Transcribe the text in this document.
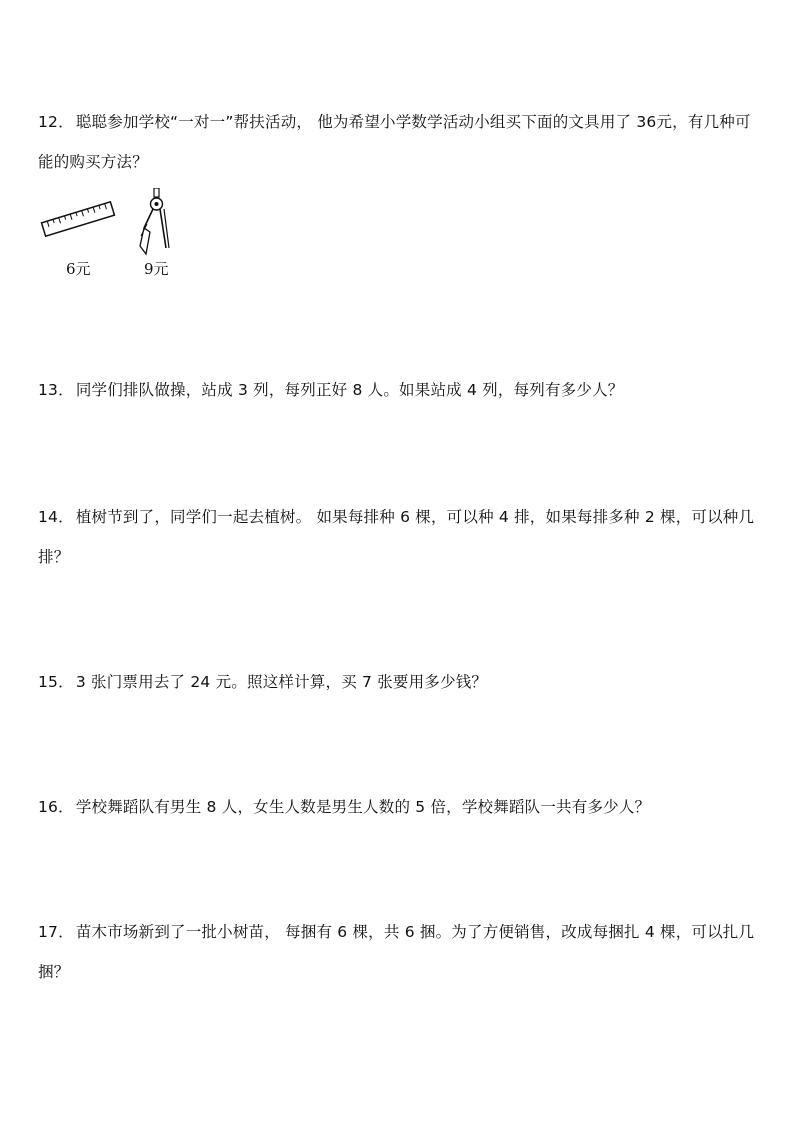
12． 聪聪参加学校“一对一”帮扶活动， 他为希望小学数学活动小组买下面的文具用了 36元，有几种可能的购买方法？
6元	9元
13． 同学们排队做操，站成 3 列，每列正好 8 人。如果站成 4 列，每列有多少人？
14． 植树节到了，同学们一起去植树。 如果每排种 6 棵，可以种 4 排，如果每排多种 2 棵，可以种几排？
15． 3 张门票用去了 24 元。照这样计算，买 7 张要用多少钱？
16． 学校舞蹈队有男生 8 人，女生人数是男生人数的 5 倍，学校舞蹈队一共有多少人？
17． 苗木市场新到了一批小树苗， 每捆有 6 棵，共 6 捆。为了方便销售，改成每捆扎 4 棵，可以扎几捆？
